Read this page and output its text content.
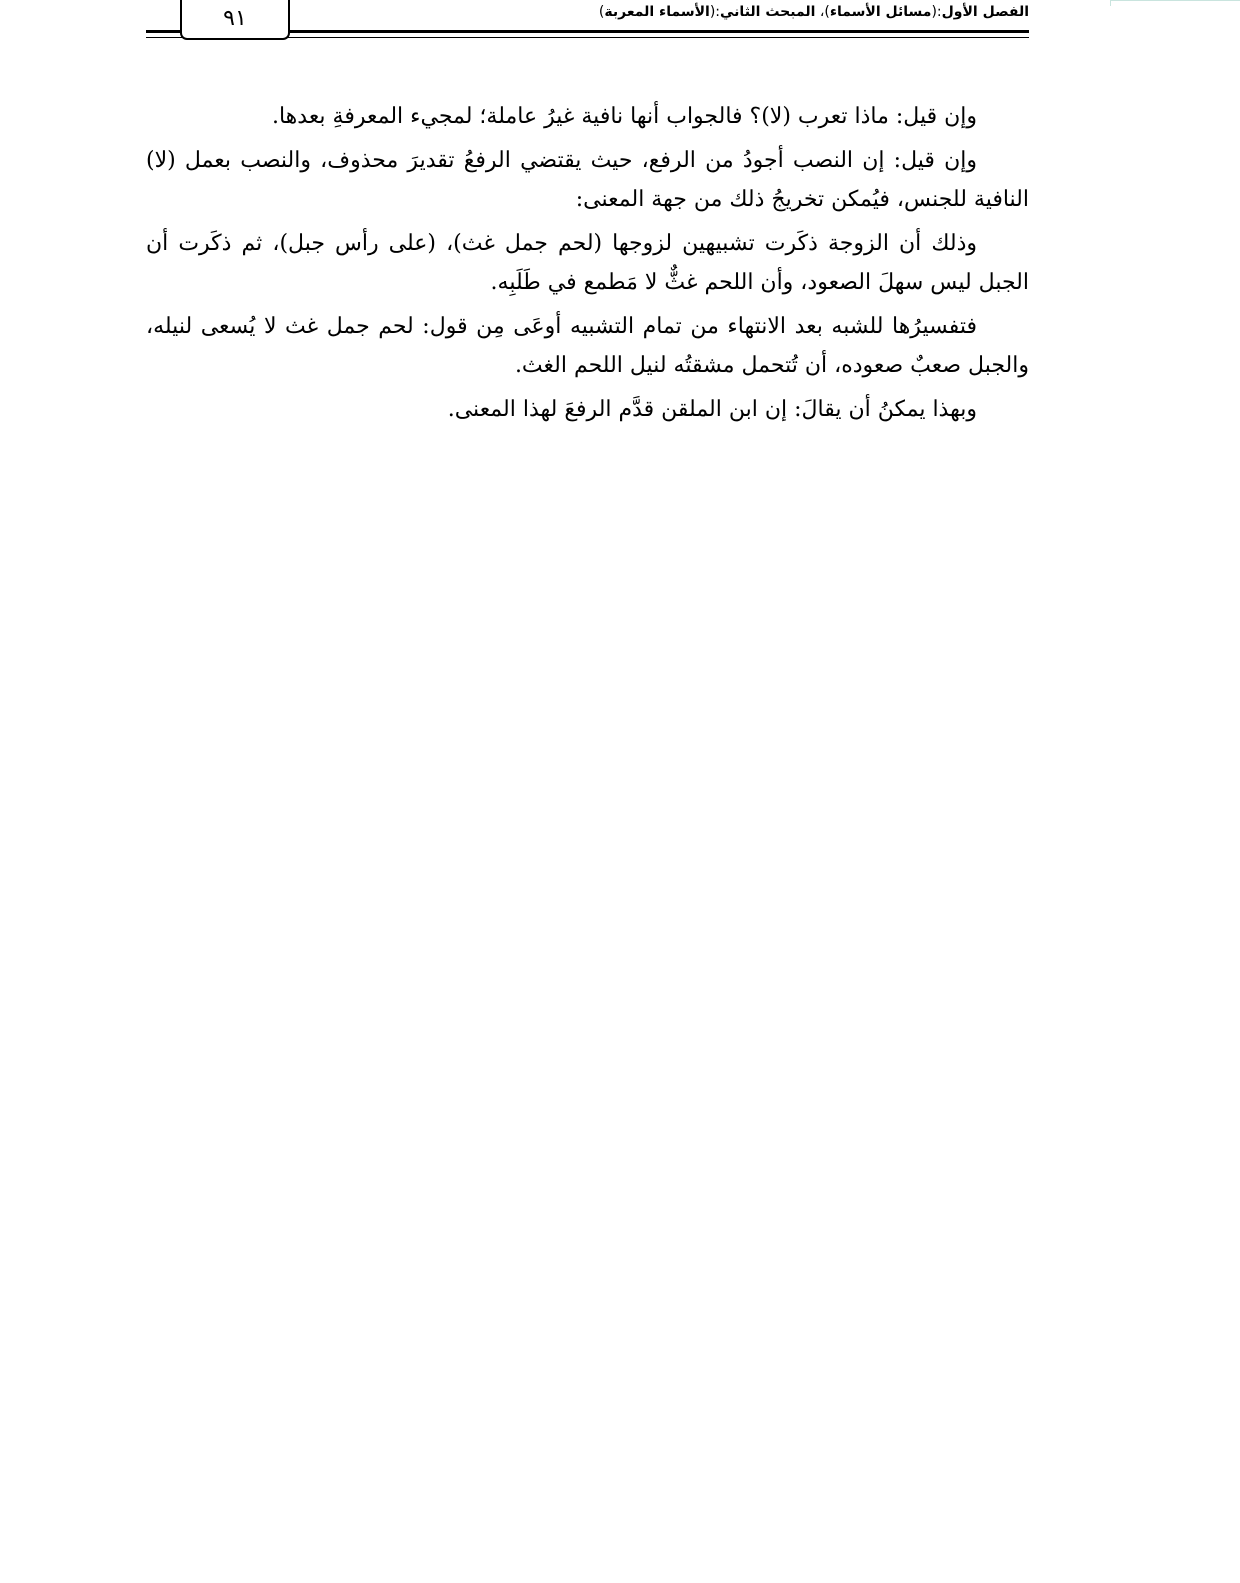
الفصل الأول:(مسائل الأسماء)، المبحث الثاني:(الأسماء المعربة)
٩١

وإن قيل: ماذا تعرب (لا)؟ فالجواب أنها نافية غيرُ عاملة؛ لمجيء المعرفةِ بعدها.

وإن قيل: إن النصب أجودُ من الرفع، حيث يقتضي الرفعُ تقديرَ محذوف، والنصب بعمل (لا) النافية للجنس، فيُمكن تخريجُ ذلك من جهة المعنى:

وذلك أن الزوجة ذكَرت تشبيهين لزوجها (لحم جمل غث)، (على رأس جبل)، ثم ذكَرت أن الجبل ليس سهلَ الصعود، وأن اللحم غثٌّ لا مَطمع في طَلَبِه.

فتفسيرُها للشبه بعد الانتهاء من تمام التشبيه أوعَى مِن قول: لحم جمل غث لا يُسعى لنيله، والجبل صعبٌ صعوده، أن تُتحمل مشقتُه لنيل اللحم الغث.

وبهذا يمكنُ أن يقالَ: إن ابن الملقن قدَّم الرفعَ لهذا المعنى.
